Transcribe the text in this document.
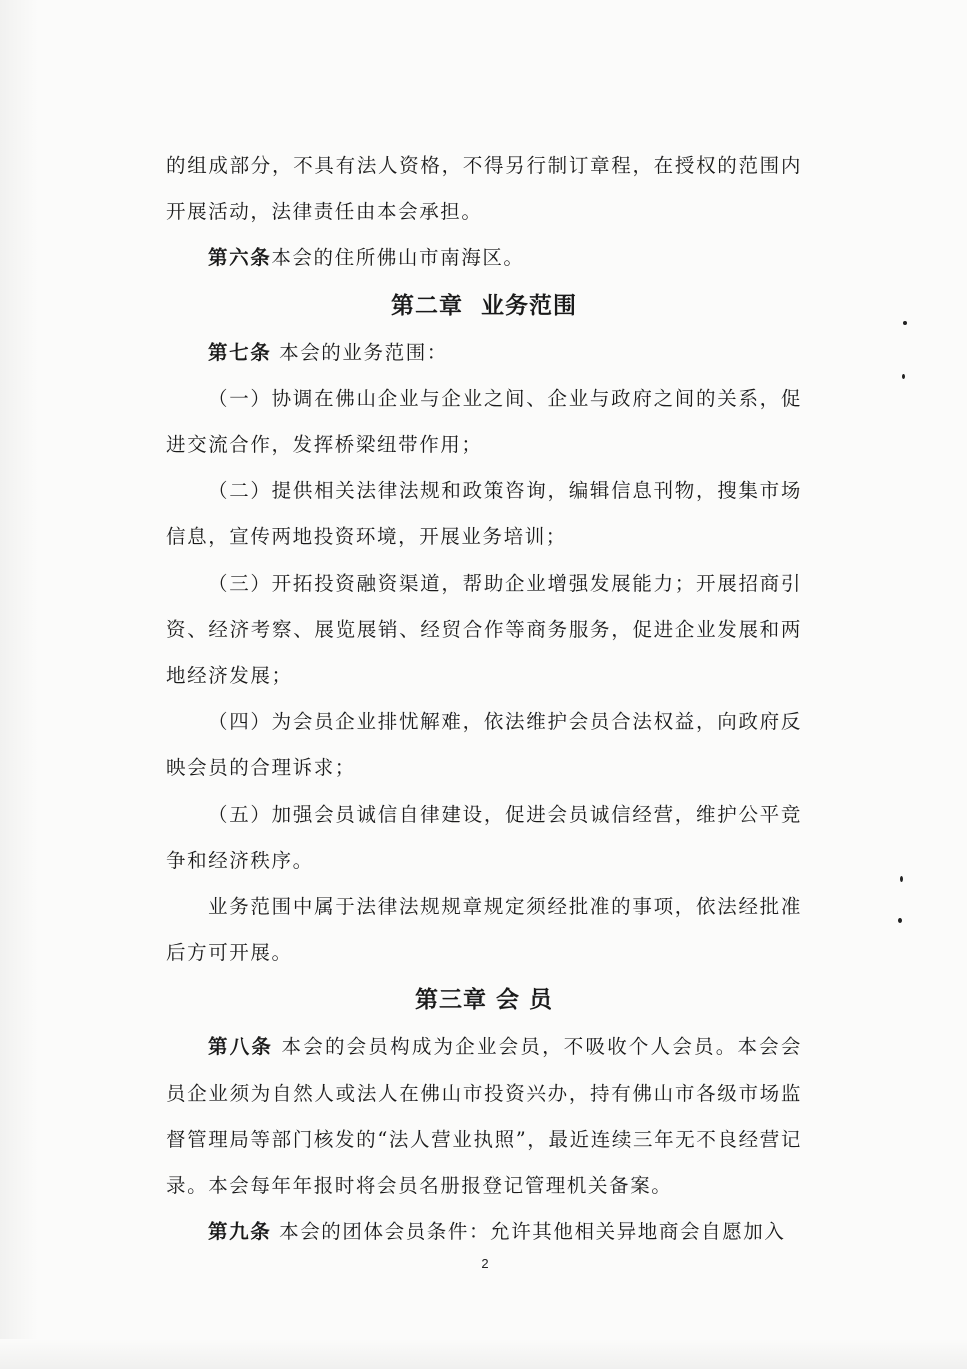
的组成部分，不具有法人资格，不得另行制订章程，在授权的范围内开展活动，法律责任由本会承担。

第六条本会的住所佛山市南海区。

第二章  业务范围

第七条 本会的业务范围：

（一）协调在佛山企业与企业之间、企业与政府之间的关系，促进交流合作，发挥桥梁纽带作用；

（二）提供相关法律法规和政策咨询，编辑信息刊物，搜集市场信息，宣传两地投资环境，开展业务培训；

（三）开拓投资融资渠道，帮助企业增强发展能力；开展招商引资、经济考察、展览展销、经贸合作等商务服务，促进企业发展和两地经济发展；

（四）为会员企业排忧解难，依法维护会员合法权益，向政府反映会员的合理诉求；

（五）加强会员诚信自律建设，促进会员诚信经营，维护公平竞争和经济秩序。

业务范围中属于法律法规规章规定须经批准的事项，依法经批准后方可开展。

第三章 会 员

第八条 本会的会员构成为企业会员，不吸收个人会员。本会会员企业须为自然人或法人在佛山市投资兴办，持有佛山市各级市场监督管理局等部门核发的“法人营业执照”，最近连续三年无不良经营记录。本会每年年报时将会员名册报登记管理机关备案。

第九条 本会的团体会员条件：允许其他相关异地商会自愿加入

2
